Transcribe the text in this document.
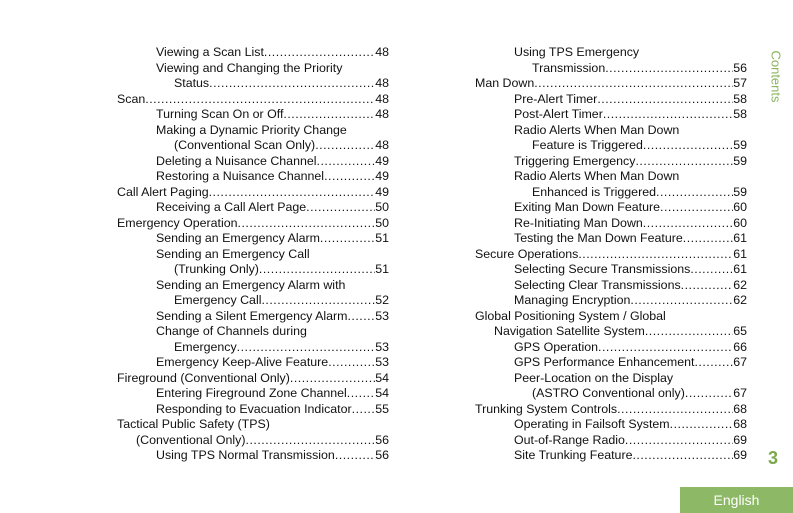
Viewing a Scan List .....	48
Viewing and Changing the Priority
Status .....	48
Scan .....	48
Turning Scan On or Off .....	48
Making a Dynamic Priority Change
(Conventional Scan Only) .....	48
Deleting a Nuisance Channel .....	49
Restoring a Nuisance Channel .....	49
Call Alert Paging .....	49
Receiving a Call Alert Page .....	50
Emergency Operation .....	50
Sending an Emergency Alarm .....	51
Sending an Emergency Call
(Trunking Only) .....	51
Sending an Emergency Alarm with
Emergency Call .....	52
Sending a Silent Emergency Alarm ..... 53
Change of Channels during
Emergency .....	53
Emergency Keep-Alive Feature .....	53
Fireground (Conventional Only) .....	54
Entering Fireground Zone Channel ..... 54
Responding to Evacuation Indicator ..... 55
Tactical Public Safety (TPS)
(Conventional Only) .....	56
Using TPS Normal Transmission .....	56
Using TPS Emergency
Transmission .....	56
Man Down .....	57
Pre-Alert Timer .....	58
Post-Alert Timer .....	58
Radio Alerts When Man Down
Feature is Triggered .....	59
Triggering Emergency .....	59
Radio Alerts When Man Down
Enhanced is Triggered .....	59
Exiting Man Down Feature .....	60
Re-Initiating Man Down .....	60
Testing the Man Down Feature .....	61
Secure Operations .....	61
Selecting Secure Transmissions .....	61
Selecting Clear Transmissions .....	62
Managing Encryption .....	62
Global Positioning System / Global
Navigation Satellite System .....	65
GPS Operation .....	66
GPS Performance Enhancement .....	67
Peer-Location on the Display
(ASTRO Conventional only) .....	67
Trunking System Controls .....	68
Operating in Failsoft System .....	68
Out-of-Range Radio .....	69
Site Trunking Feature .....	69
Contents
3
English
